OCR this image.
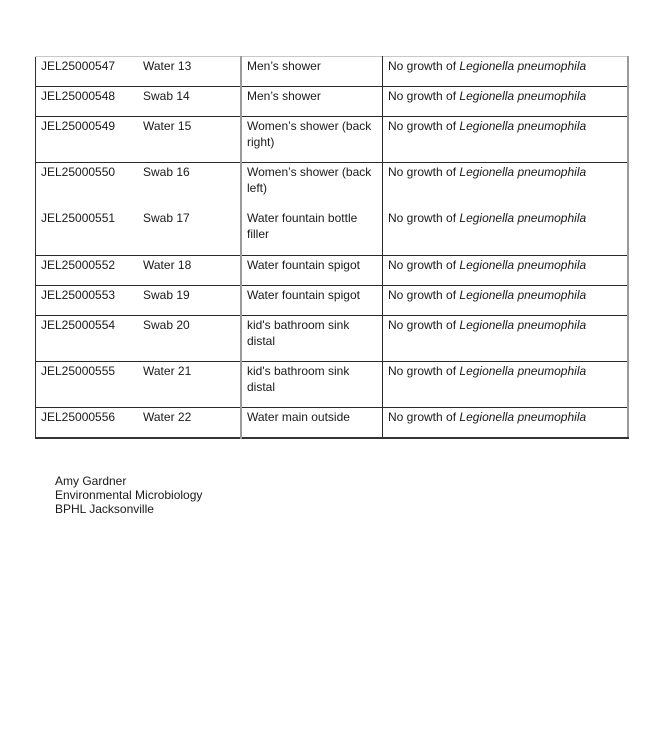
JEL25000547	Water 13	Men’s shower	No growth of Legionella pneumophila
JEL25000548	Swab 14	Men’s shower	No growth of Legionella pneumophila
JEL25000549	Water 15	Women’s shower (back right)	No growth of Legionella pneumophila
JEL25000550	Swab 16	Women’s shower (back left)	No growth of Legionella pneumophila
JEL25000551	Swab 17	Water fountain bottle filler	No growth of Legionella pneumophila
JEL25000552	Water 18	Water fountain spigot	No growth of Legionella pneumophila
JEL25000553	Swab 19	Water fountain spigot	No growth of Legionella pneumophila
JEL25000554	Swab 20	kid's bathroom sink distal	No growth of Legionella pneumophila
JEL25000555	Water 21	kid's bathroom sink distal	No growth of Legionella pneumophila
JEL25000556	Water 22	Water main outside	No growth of Legionella pneumophila
Amy Gardner
Environmental Microbiology
BPHL Jacksonville
